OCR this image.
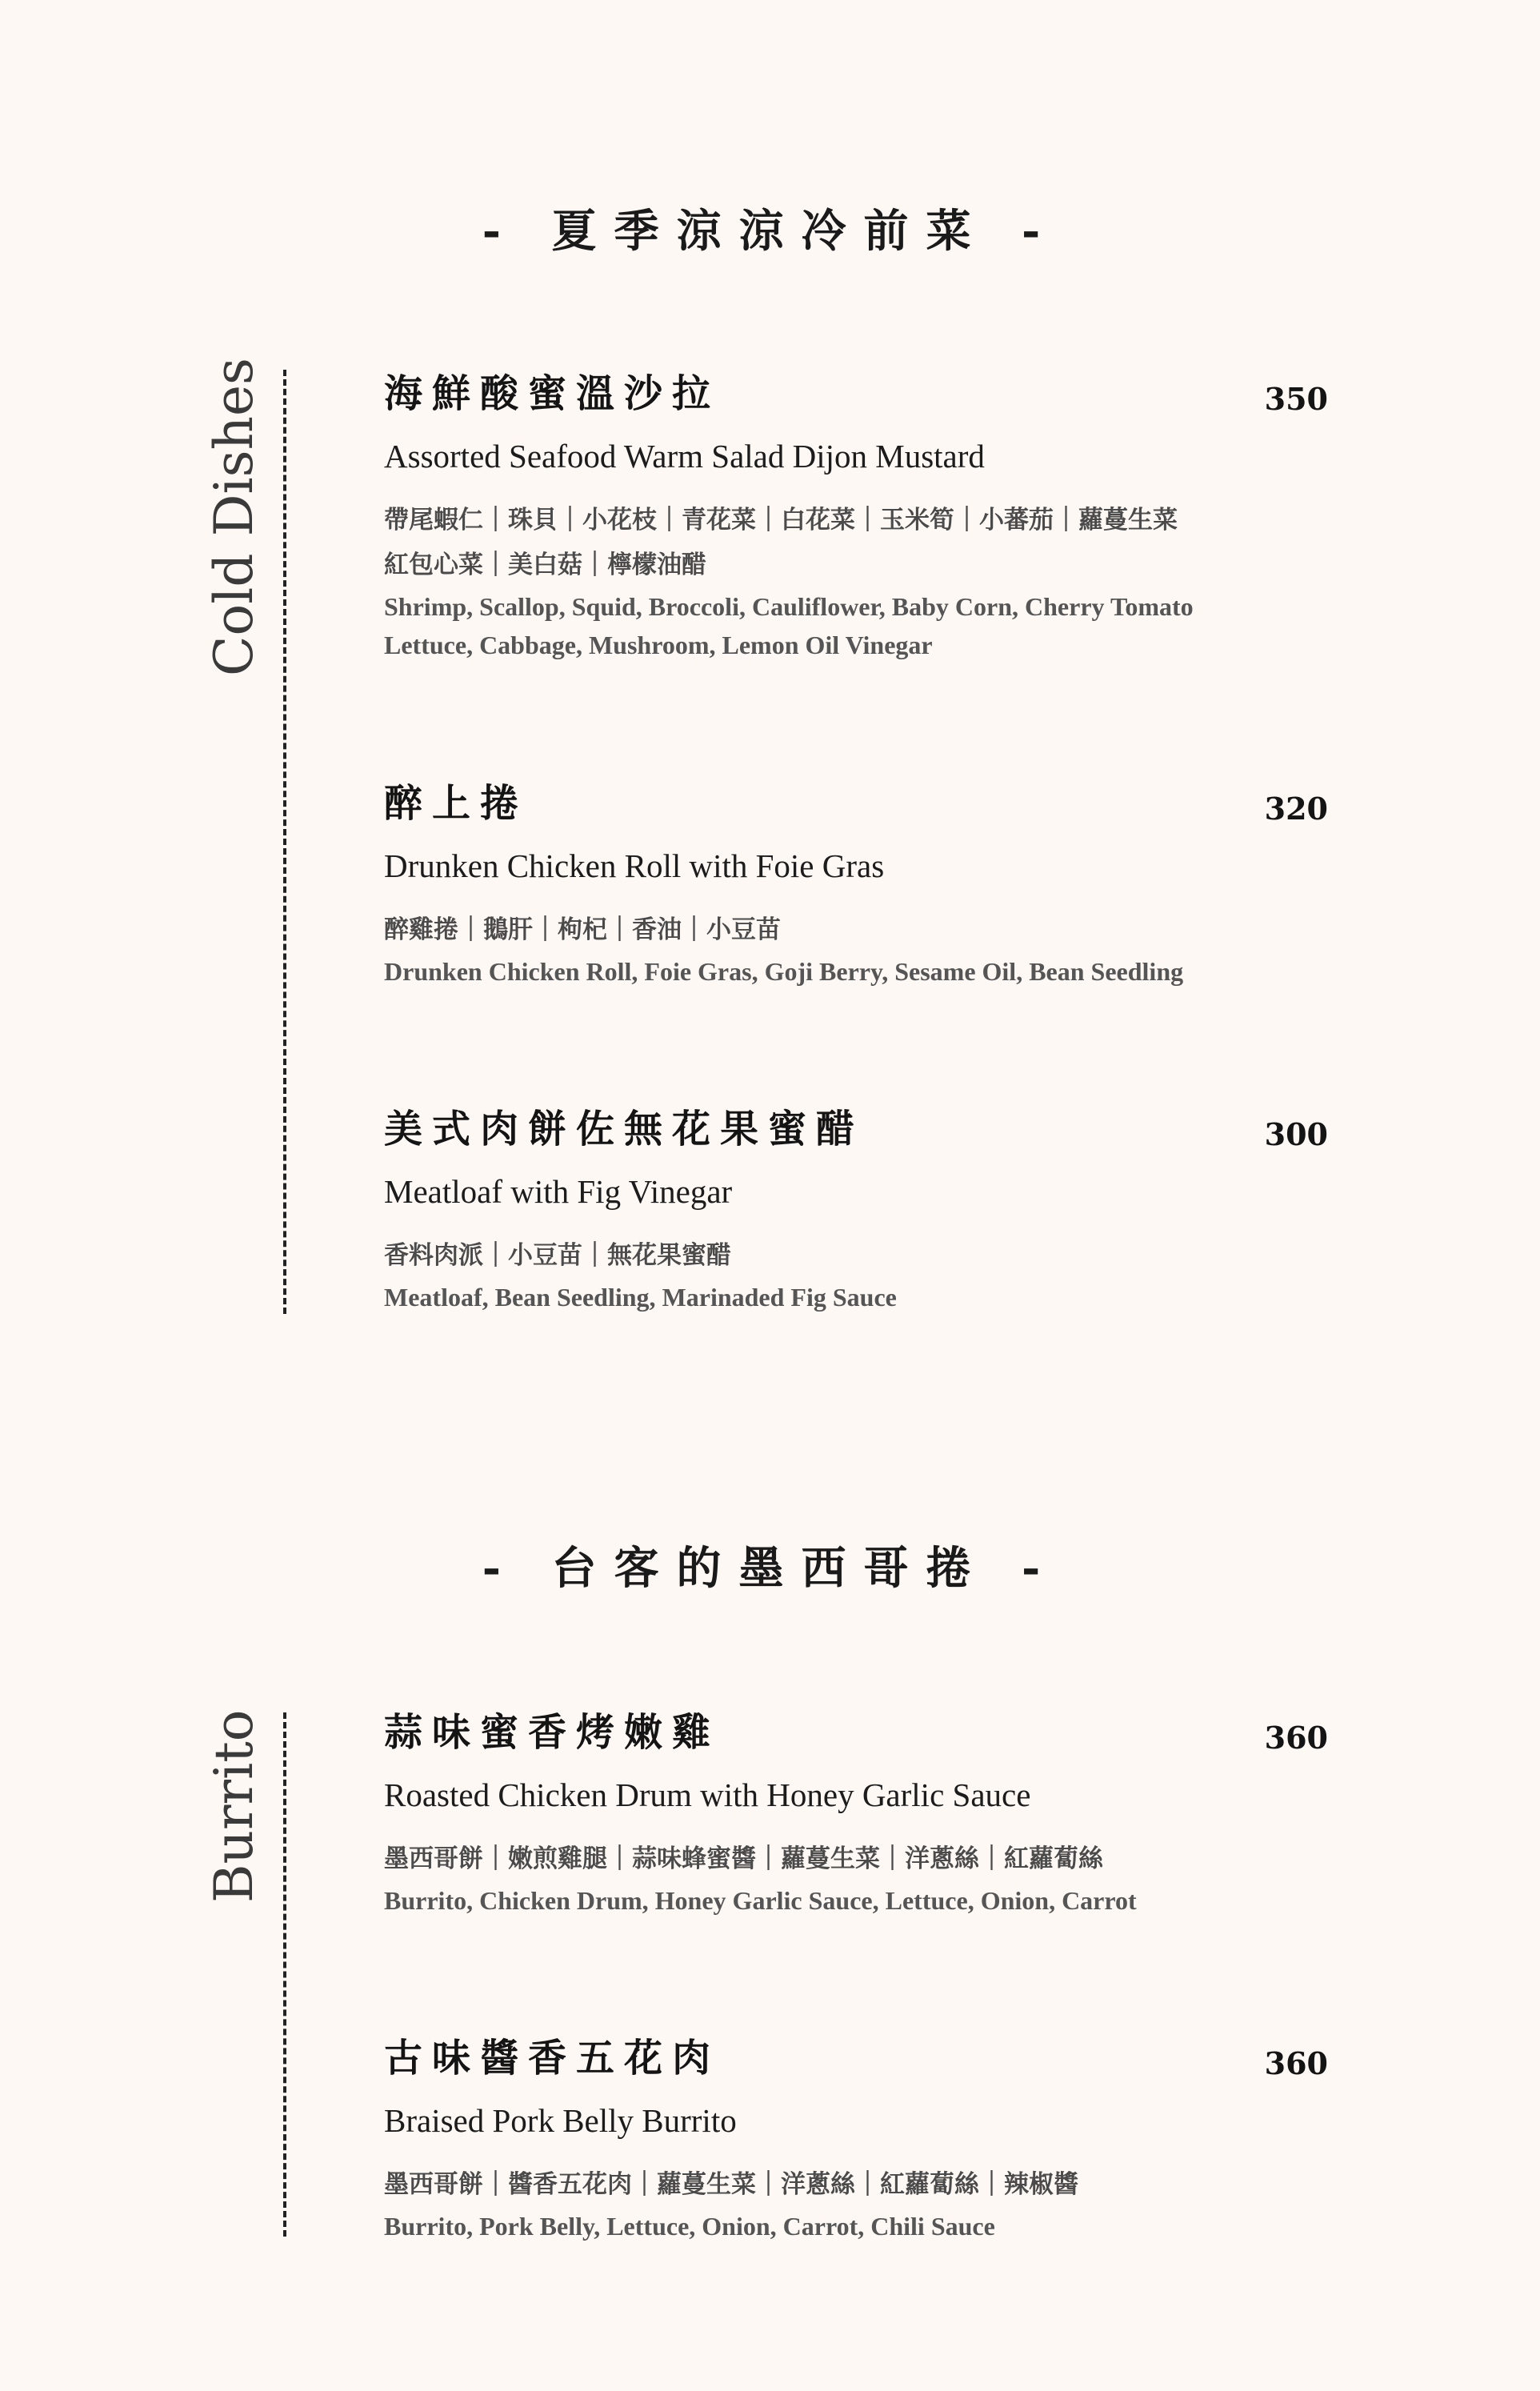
- 夏季涼涼冷前菜 -
Cold Dishes	海鮮酸蜜溫沙拉	350
Assorted Seafood Warm Salad Dijon Mustard
帶尾蝦仁｜珠貝｜小花枝｜青花菜｜白花菜｜玉米筍｜小蕃茄｜蘿蔓生菜
紅包心菜｜美白菇｜檸檬油醋
Shrimp, Scallop, Squid, Broccoli, Cauliflower, Baby Corn, Cherry Tomato
Lettuce, Cabbage, Mushroom, Lemon Oil Vinegar
醉上捲	320
Drunken Chicken Roll with Foie Gras
醉雞捲｜鵝肝｜枸杞｜香油｜小豆苗
Drunken Chicken Roll, Foie Gras, Goji Berry, Sesame Oil, Bean Seedling
美式肉餅佐無花果蜜醋	300
Meatloaf with Fig Vinegar
香料肉派｜小豆苗｜無花果蜜醋
Meatloaf, Bean Seedling, Marinaded Fig Sauce
- 台客的墨西哥捲 -
Burrito	蒜味蜜香烤嫩雞	360
Roasted Chicken Drum with Honey Garlic Sauce
墨西哥餅｜嫩煎雞腿｜蒜味蜂蜜醬｜蘿蔓生菜｜洋蔥絲｜紅蘿蔔絲
Burrito, Chicken Drum, Honey Garlic Sauce, Lettuce, Onion, Carrot
古味醬香五花肉	360
Braised Pork Belly Burrito
墨西哥餅｜醬香五花肉｜蘿蔓生菜｜洋蔥絲｜紅蘿蔔絲｜辣椒醬
Burrito, Pork Belly, Lettuce, Onion, Carrot, Chili Sauce
